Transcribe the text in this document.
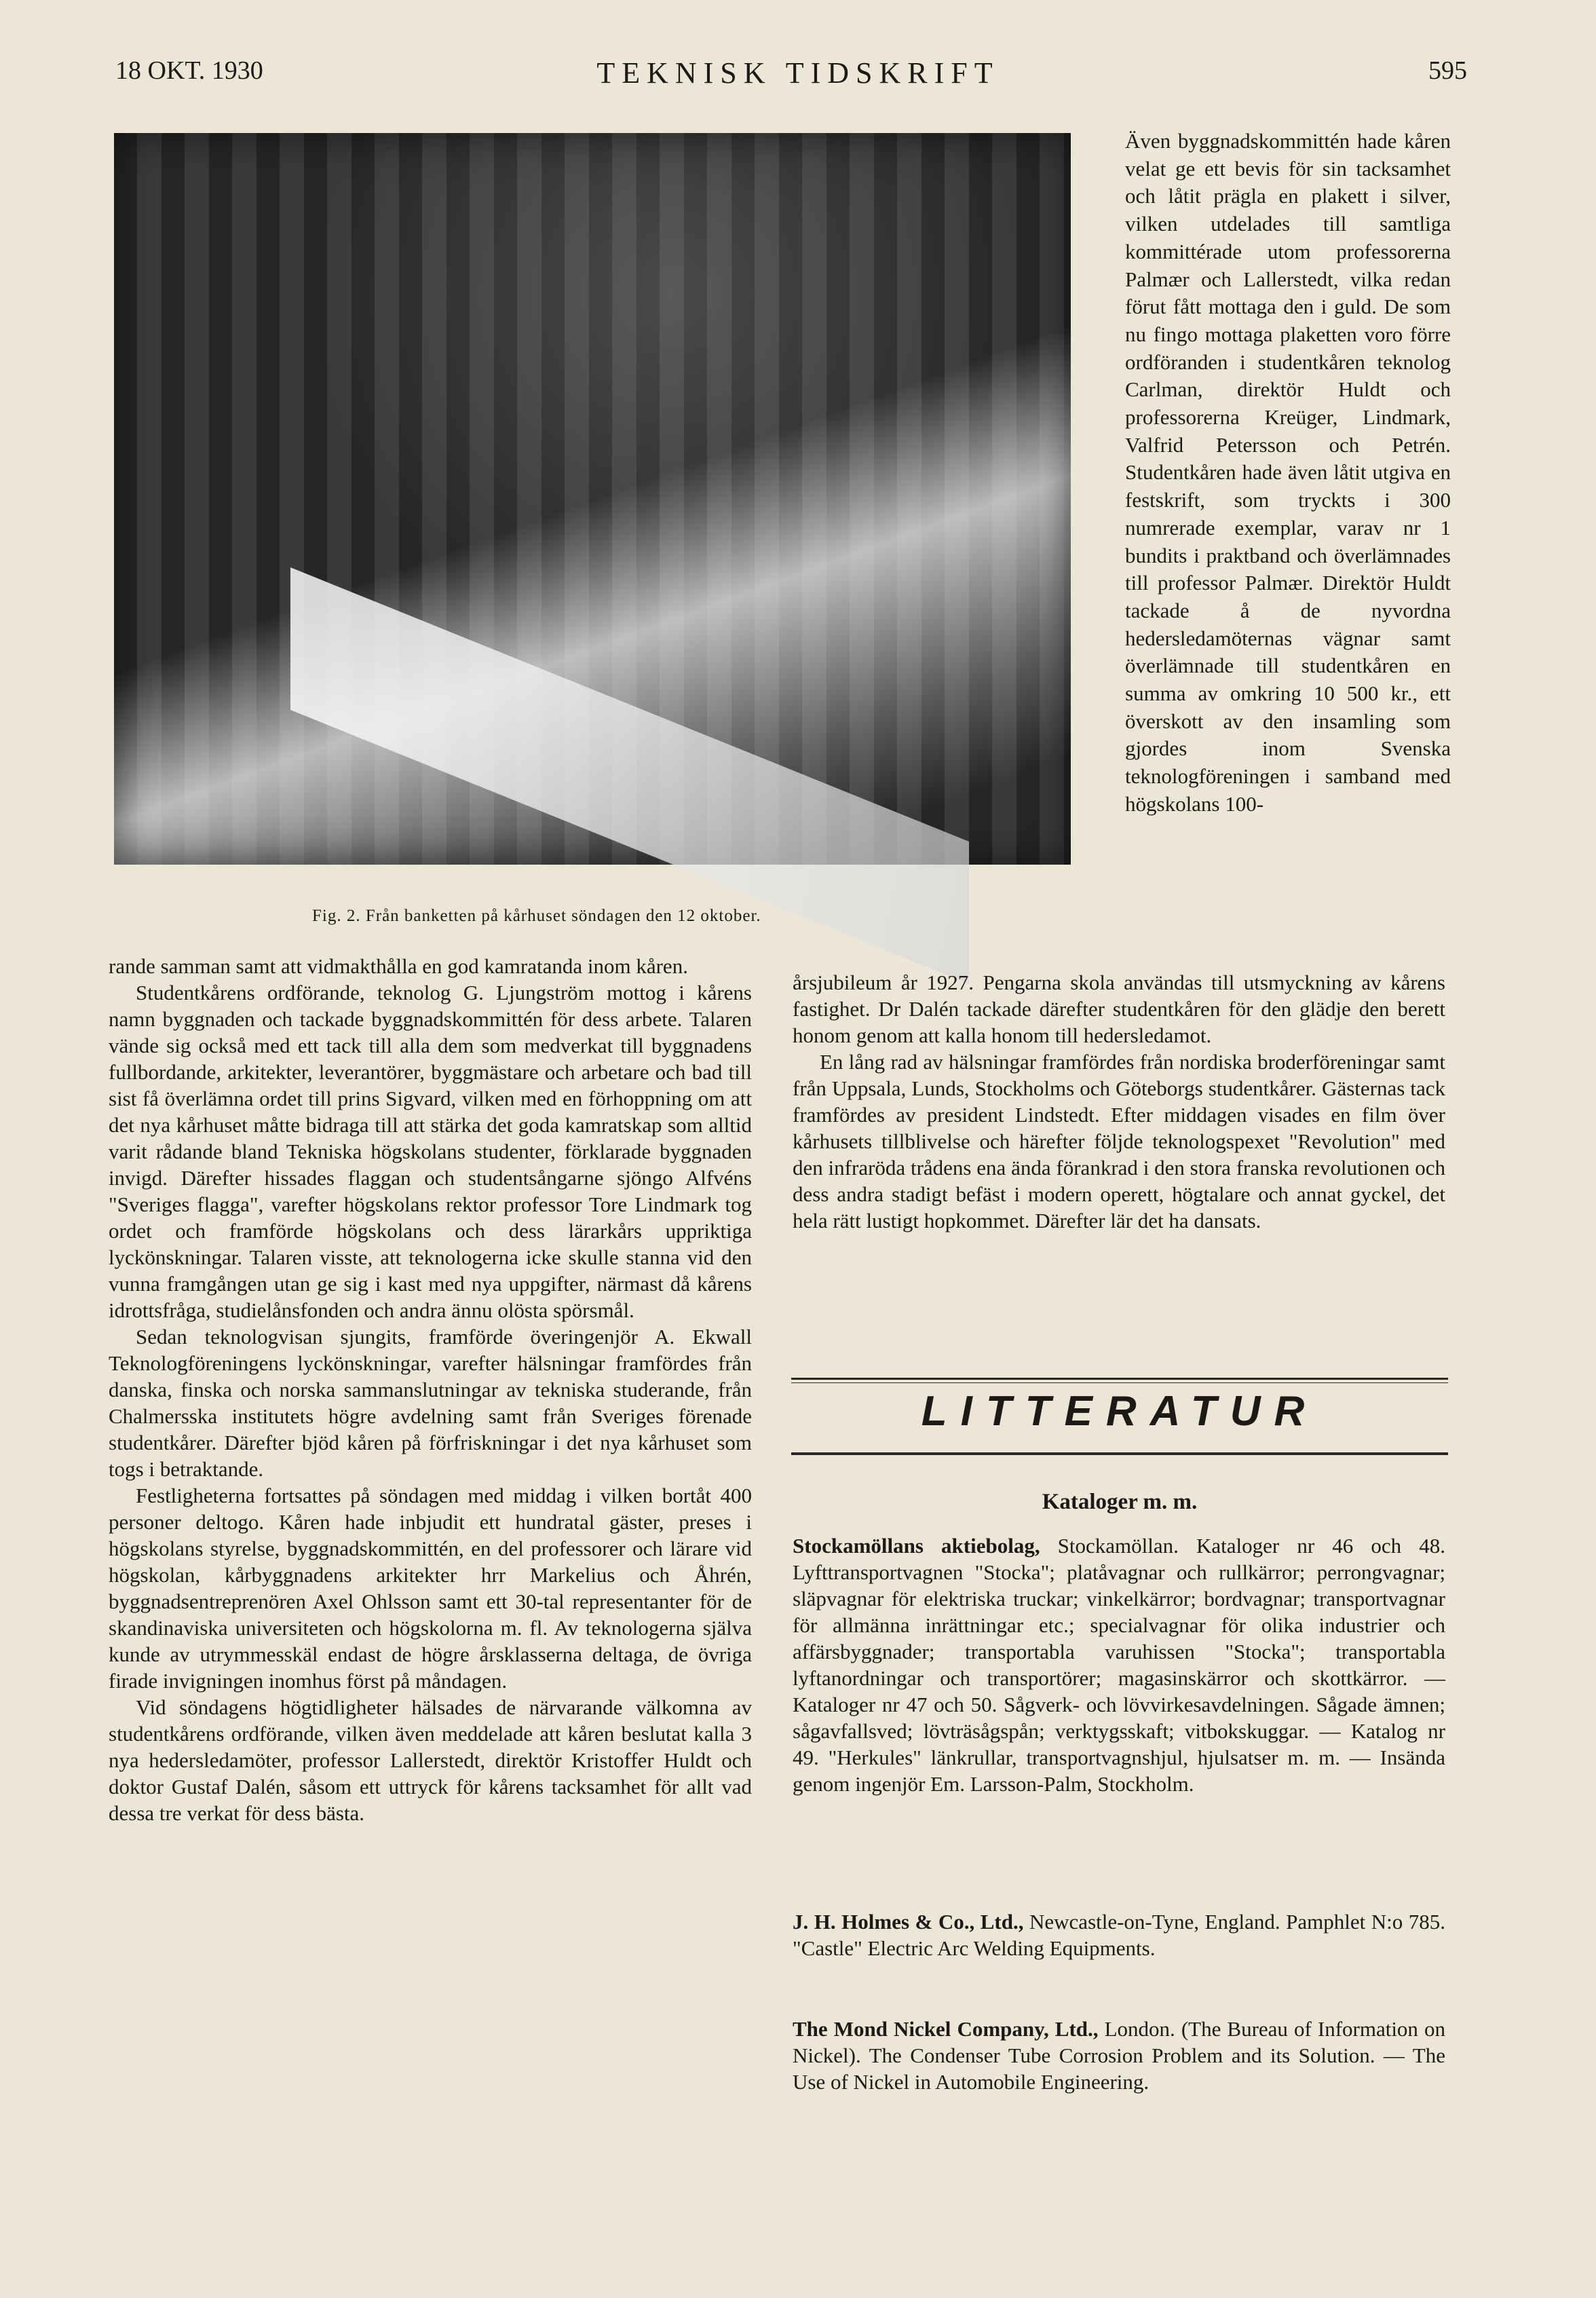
18 OKT. 1930	TEKNISK TIDSKRIFT	595
Fig. 2. Från banketten på kårhuset söndagen den 12 oktober.

Även byggnadskommittén hade kåren velat ge ett bevis för sin tacksamhet och låtit prägla en plakett i silver, vilken utdelades till samtliga kommittérade utom professorerna Palmær och Lallerstedt, vilka redan förut fått mottaga den i guld. De som nu fingo mottaga plaketten voro förre ordföranden i studentkåren teknolog Carlman, direktör Huldt och professorerna Kreüger, Lindmark, Valfrid Petersson och Petrén. Studentkåren hade även låtit utgiva en festskrift, som tryckts i 300 numrerade exemplar, varav nr 1 bundits i praktband och överlämnades till professor Palmær. Direktör Huldt tackade å de nyvordna hedersledamöternas vägnar samt överlämnade till studentkåren en summa av omkring 10 500 kr., ett överskott av den insamling som gjordes inom Svenska teknologföreningen i samband med högskolans 100-

rande samman samt att vidmakthålla en god kamratanda inom kåren.

Studentkårens ordförande, teknolog G. Ljungström mottog i kårens namn byggnaden och tackade byggnadskommittén för dess arbete. Talaren vände sig också med ett tack till alla dem som medverkat till byggnadens fullbordande, arkitekter, leverantörer, byggmästare och arbetare och bad till sist få överlämna ordet till prins Sigvard, vilken med en förhoppning om att det nya kårhuset måtte bidraga till att stärka det goda kamratskap som alltid varit rådande bland Tekniska högskolans studenter, förklarade byggnaden invigd. Därefter hissades flaggan och studentsångarne sjöngo Alfvéns "Sveriges flagga", varefter högskolans rektor professor Tore Lindmark tog ordet och framförde högskolans och dess lärarkårs uppriktiga lyckönskningar. Talaren visste, att teknologerna icke skulle stanna vid den vunna framgången utan ge sig i kast med nya uppgifter, närmast då kårens idrottsfråga, studielånsfonden och andra ännu olösta spörsmål.

Sedan teknologvisan sjungits, framförde överingenjör A. Ekwall Teknologföreningens lyckönskningar, varefter hälsningar framfördes från danska, finska och norska sammanslutningar av tekniska studerande, från Chalmersska institutets högre avdelning samt från Sveriges förenade studentkårer. Därefter bjöd kåren på förfriskningar i det nya kårhuset som togs i betraktande.

Festligheterna fortsattes på söndagen med middag i vilken bortåt 400 personer deltogo. Kåren hade inbjudit ett hundratal gäster, preses i högskolans styrelse, byggnadskommittén, en del professorer och lärare vid högskolan, kårbyggnadens arkitekter hrr Markelius och Åhrén, byggnadsentreprenören Axel Ohlsson samt ett 30-tal representanter för de skandinaviska universiteten och högskolorna m. fl. Av teknologerna själva kunde av utrymmesskäl endast de högre årsklasserna deltaga, de övriga firade invigningen inomhus först på måndagen.

Vid söndagens högtidligheter hälsades de närvarande välkomna av studentkårens ordförande, vilken även meddelade att kåren beslutat kalla 3 nya hedersledamöter, professor Lallerstedt, direktör Kristoffer Huldt och doktor Gustaf Dalén, såsom ett uttryck för kårens tacksamhet för allt vad dessa tre verkat för dess bästa.

årsjubileum år 1927. Pengarna skola användas till utsmyckning av kårens fastighet. Dr Dalén tackade därefter studentkåren för den glädje den berett honom genom att kalla honom till hedersledamot.

En lång rad av hälsningar framfördes från nordiska broderföreningar samt från Uppsala, Lunds, Stockholms och Göteborgs studentkårer. Gästernas tack framfördes av president Lindstedt. Efter middagen visades en film över kårhusets tillblivelse och härefter följde teknologspexet "Revolution" med den infraröda trådens ena ända förankrad i den stora franska revolutionen och dess andra stadigt befäst i modern operett, högtalare och annat gyckel, det hela rätt lustigt hopkommet. Därefter lär det ha dansats.

LITTERATUR
Kataloger m. m.
Stockamöllans aktiebolag, Stockamöllan. Kataloger nr 46 och 48. Lyfttransportvagnen "Stocka"; platåvagnar och rullkärror; perrongvagnar; släpvagnar för elektriska truckar; vinkelkärror; bordvagnar; transportvagnar för allmänna inrättningar etc.; specialvagnar för olika industrier och affärsbyggnader; transportabla varuhissen "Stocka"; transportabla lyftanordningar och transportörer; magasinskärror och skottkärror. — Kataloger nr 47 och 50. Sågverk- och lövvirkesavdelningen. Sågade ämnen; sågavfallsved; lövträsågspån; verktygsskaft; vitbokskuggar. — Katalog nr 49. "Herkules" länkrullar, transportvagnshjul, hjulsatser m. m. — Insända genom ingenjör Em. Larsson-Palm, Stockholm.
J. H. Holmes & Co., Ltd., Newcastle-on-Tyne, England. Pamphlet N:o 785. "Castle" Electric Arc Welding Equipments.
The Mond Nickel Company, Ltd., London. (The Bureau of Information on Nickel). The Condenser Tube Corrosion Problem and its Solution. — The Use of Nickel in Automobile Engineering.
